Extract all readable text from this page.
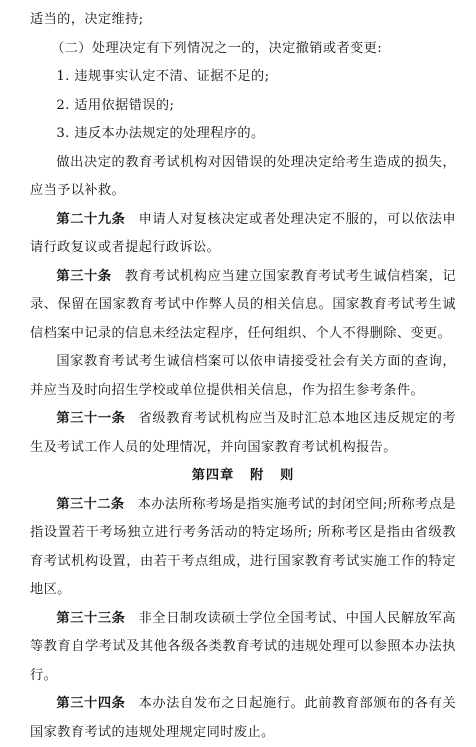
适当的，决定维持;

（二）处理决定有下列情况之一的，决定撤销或者变更:

1. 违规事实认定不清、证据不足的;

2. 适用依据错误的;

3. 违反本办法规定的处理程序的。

做出决定的教育考试机构对因错误的处理决定给考生造成的损失，应当予以补救。

第二十九条 申请人对复核决定或者处理决定不服的，可以依法申请行政复议或者提起行政诉讼。

第三十条 教育考试机构应当建立国家教育考试考生诚信档案，记录、保留在国家教育考试中作弊人员的相关信息。国家教育考试考生诚信档案中记录的信息未经法定程序，任何组织、个人不得删除、变更。

国家教育考试考生诚信档案可以依申请接受社会有关方面的查询，并应当及时向招生学校或单位提供相关信息，作为招生参考条件。

第三十一条 省级教育考试机构应当及时汇总本地区违反规定的考生及考试工作人员的处理情况，并向国家教育考试机构报告。

第四章 附 则

第三十二条 本办法所称考场是指实施考试的封闭空间;所称考点是指设置若干考场独立进行考务活动的特定场所; 所称考区是指由省级教育考试机构设置，由若干考点组成，进行国家教育考试实施工作的特定地区。

第三十三条 非全日制攻读硕士学位全国考试、中国人民解放军高等教育自学考试及其他各级各类教育考试的违规处理可以参照本办法执行。

第三十四条 本办法自发布之日起施行。此前教育部颁布的各有关国家教育考试的违规处理规定同时废止。
